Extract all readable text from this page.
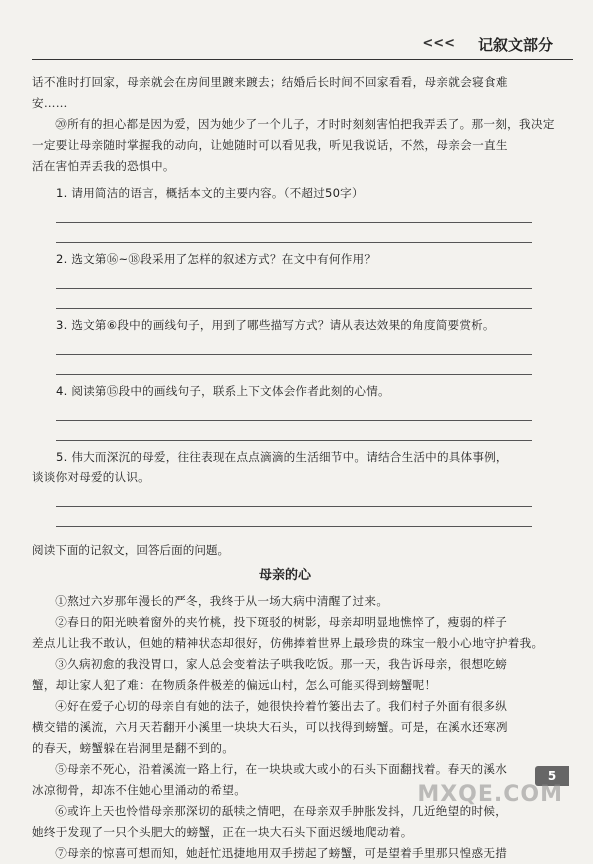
<<< 记叙文部分
话不准时打回家，母亲就会在房间里踱来踱去；结婚后长时间不回家看看，母亲就会寝食难
安……
⑳所有的担心都是因为爱，因为她少了一个儿子，才时时刻刻害怕把我弄丢了。那一刻，我决定
一定要让母亲随时掌握我的动向，让她随时可以看见我，听见我说话，不然，母亲会一直生
活在害怕弄丢我的恐惧中。
1. 请用简洁的语言，概括本文的主要内容。（不超过50字）
2. 选文第⑯~⑱段采用了怎样的叙述方式？在文中有何作用？
3. 选文第⑥段中的画线句子，用到了哪些描写方式？请从表达效果的角度简要赏析。
4. 阅读第⑮段中的画线句子，联系上下文体会作者此刻的心情。
5. 伟大而深沉的母爱，往往表现在点点滴滴的生活细节中。请结合生活中的具体事例，
谈谈你对母爱的认识。
阅读下面的记叙文，回答后面的问题。
母亲的心
①熬过六岁那年漫长的严冬，我终于从一场大病中清醒了过来。
②春日的阳光映着窗外的夹竹桃，投下斑驳的树影，母亲却明显地憔悴了，瘦弱的样子
差点儿让我不敢认，但她的精神状态却很好，仿佛捧着世界上最珍贵的珠宝一般小心地守护着我。
③久病初愈的我没胃口，家人总会变着法子哄我吃饭。那一天，我告诉母亲，很想吃螃
蟹，却让家人犯了难：在物质条件极差的偏远山村，怎么可能买得到螃蟹呢！
④好在爱子心切的母亲自有她的法子，她很快拎着竹篓出去了。我们村子外面有很多纵
横交错的溪流，六月天若翻开小溪里一块块大石头，可以找得到螃蟹。可是，在溪水还寒冽
的春天，螃蟹躲在岩洞里是翻不到的。
⑤母亲不死心，沿着溪流一路上行，在一块块或大或小的石头下面翻找着。春天的溪水
冰凉彻骨，却冻不住她心里涌动的希望。
⑥或许上天也怜惜母亲那深切的舐犊之情吧，在母亲双手肿胀发抖，几近绝望的时候，
她终于发现了一只个头肥大的螃蟹，正在一块大石头下面迟缓地爬动着。
⑦母亲的惊喜可想而知，她赶忙迅捷地用双手捞起了螃蟹，可是望着手里那只惶惑无措
5
MXQE.COM
